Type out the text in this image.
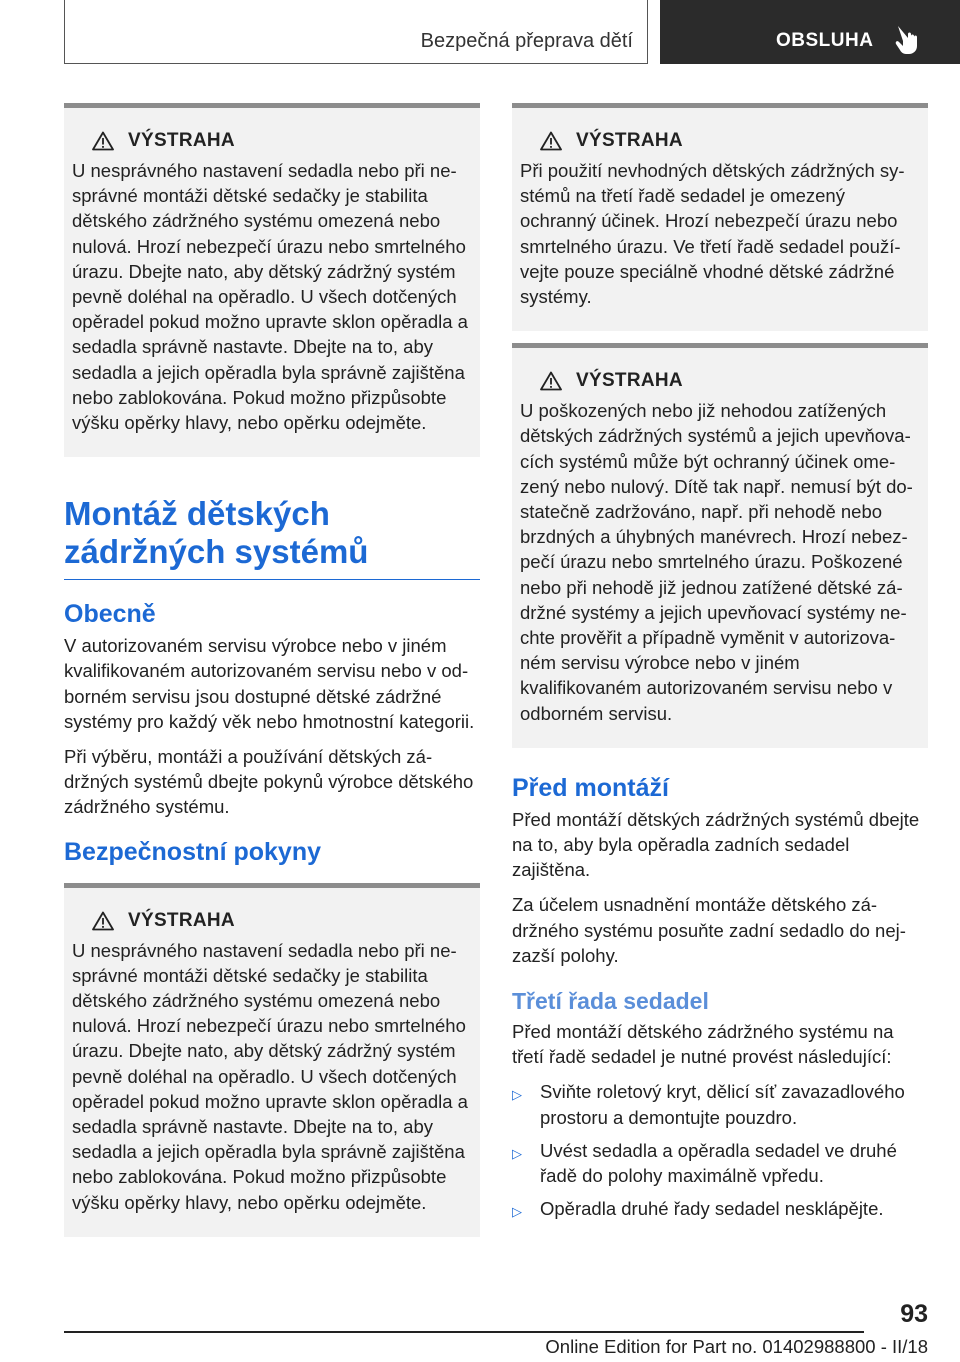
Bezpečná přeprava dětí	OBSLUHA
VÝSTRAHA
U nesprávného nastavení sedadla nebo při nesprávné montáži dětské sedačky je stabilita dětského zádržného systému omezená nebo nulová. Hrozí nebezpečí úrazu nebo smrtelného úrazu. Dbejte nato, aby dětský zádržný systém pevně doléhal na opěradlo. U všech dotčených opěradel pokud možno upravte sklon opěradla a sedadla správně nastavte. Dbejte na to, aby sedadla a jejich opěradla byla správně zajištěna nebo zablokována. Pokud možno přizpůsobte výšku opěrky hlavy, nebo opěrku odejměte.
Montáž dětských zádržných systémů
Obecně

V autorizovaném servisu výrobce nebo v jiném kvalifikovaném autorizovaném servisu nebo v odborném servisu jsou dostupné dětské zádržné systémy pro každý věk nebo hmotnostní kategorii.

Při výběru, montáži a používání dětských zádržných systémů dbejte pokynů výrobce dětského zádržného systému.

Bezpečnostní pokyny
VÝSTRAHA
U nesprávného nastavení sedadla nebo při nesprávné montáži dětské sedačky je stabilita dětského zádržného systému omezená nebo nulová. Hrozí nebezpečí úrazu nebo smrtelného úrazu. Dbejte nato, aby dětský zádržný systém pevně doléhal na opěradlo. U všech dotčených opěradel pokud možno upravte sklon opěradla a sedadla správně nastavte. Dbejte na to, aby sedadla a jejich opěradla byla správně zajištěna nebo zablokována. Pokud možno přizpůsobte výšku opěrky hlavy, nebo opěrku odejměte.
VÝSTRAHA
Při použití nevhodných dětských zádržných systémů na třetí řadě sedadel je omezený ochranný účinek. Hrozí nebezpečí úrazu nebo smrtelného úrazu. Ve třetí řadě sedadel používejte pouze speciálně vhodné dětské zádržné systémy.
VÝSTRAHA
U poškozených nebo již nehodou zatížených dětských zádržných systémů a jejich upevňovacích systémů může být ochranný účinek omezený nebo nulový. Dítě tak např. nemusí být dostatečně zadržováno, např. při nehodě nebo brzdných a úhybných manévrech. Hrozí nebezpečí úrazu nebo smrtelného úrazu. Poškozené nebo při nehodě již jednou zatížené dětské zádržné systémy a jejich upevňovací systémy nechte prověřit a případně vyměnit v autorizovaném servisu výrobce nebo v jiném kvalifikovaném autorizovaném servisu nebo v odborném servisu.
Před montáží

Před montáží dětských zádržných systémů dbejte na to, aby byla opěradla zadních sedadel zajištěna.

Za účelem usnadnění montáže dětského zádržného systému posuňte zadní sedadlo do nejzazší polohy.

Třetí řada sedadel

Před montáží dětského zádržného systému na třetí řadě sedadel je nutné provést následující:

▷ Sviňte roletový kryt, dělicí síť zavazadlového prostoru a demontujte pouzdro.
▷ Uvést sedadla a opěradla sedadel ve druhé řadě do polohy maximálně vpředu.
▷ Opěradla druhé řady sedadel nesklápějte.
93
Online Edition for Part no. 01402988800 - II/18
